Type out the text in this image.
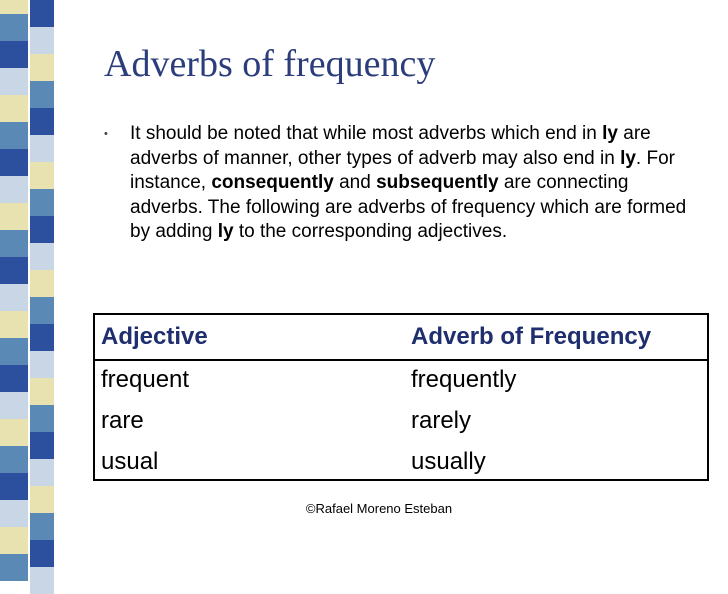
Adverbs of frequency
• It should be noted that while most adverbs which end in ly are adverbs of manner, other types of adverb may also end in ly. For instance, consequently and subsequently are connecting adverbs. The following are adverbs of frequency which are formed by adding ly to the corresponding adjectives.

Adjective	Adverb of Frequency
frequent	frequently
rare	rarely
usual	usually
©Rafael Moreno Esteban
